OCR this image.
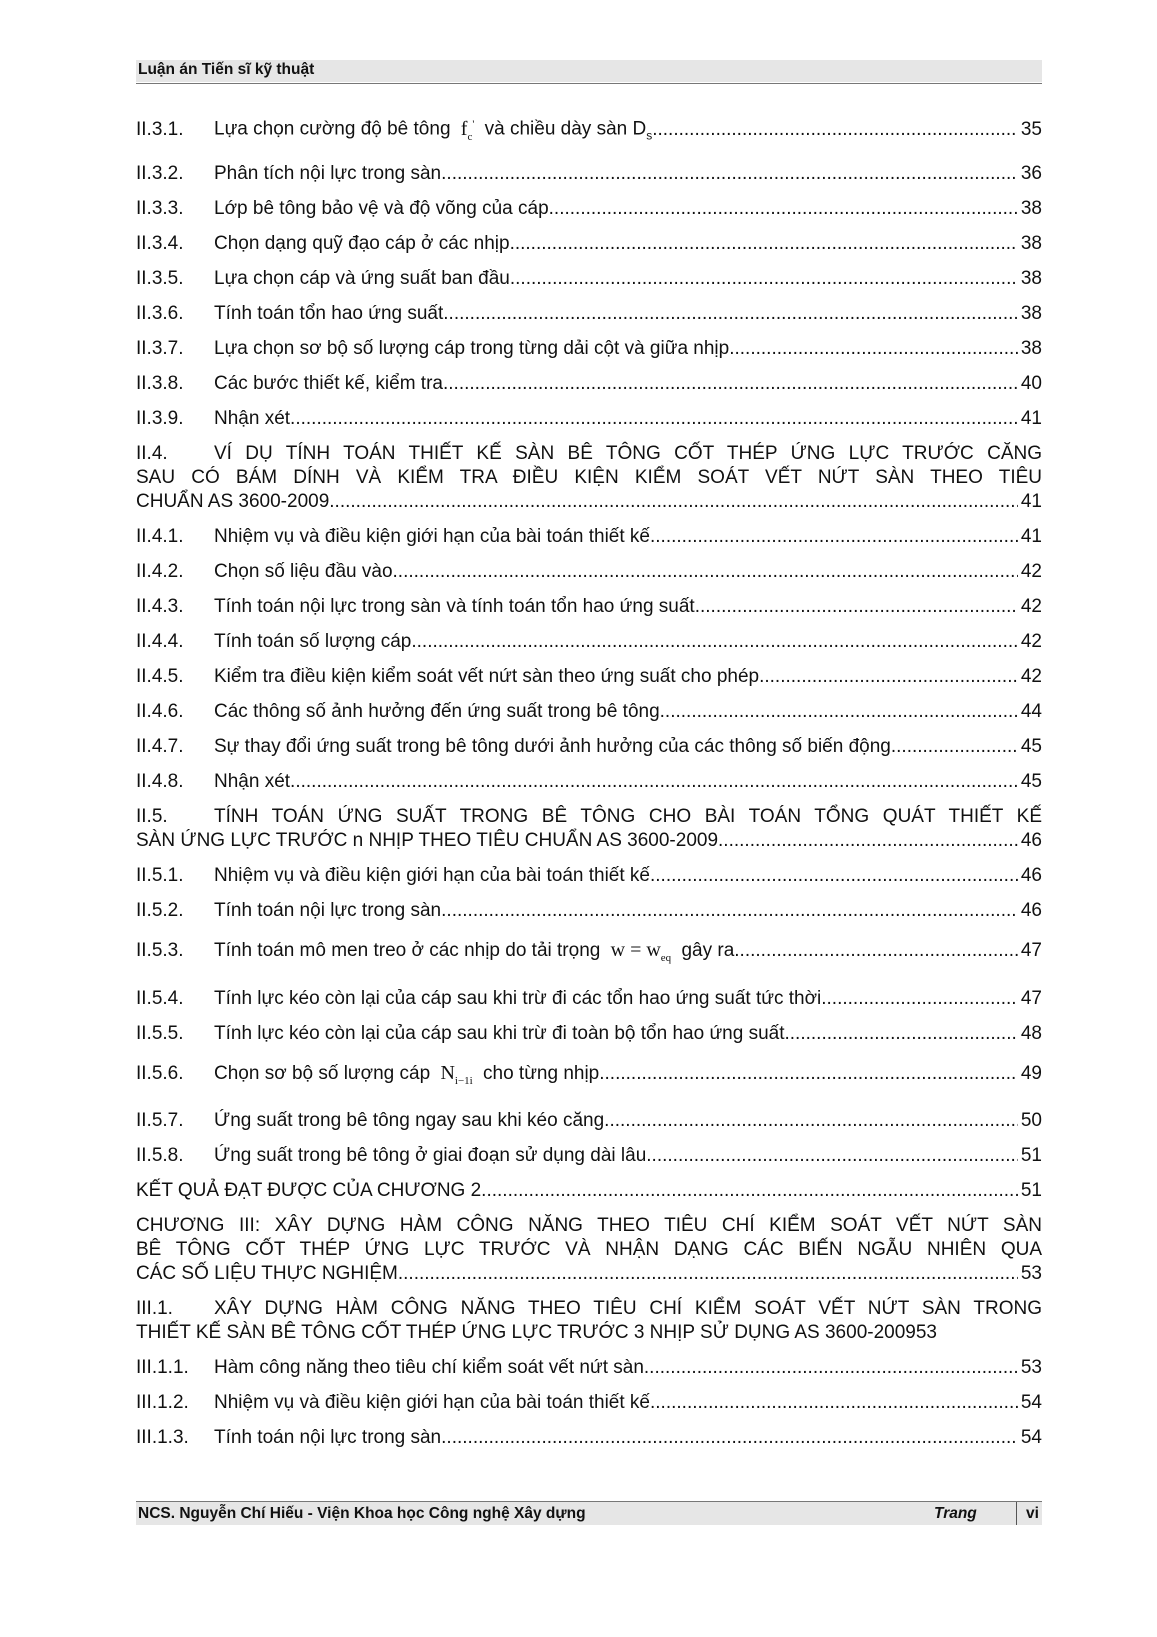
Luận án Tiến sĩ kỹ thuật
II.3.1.	Lựa chọn cường độ bê tông $f_c'$ và chiều dày sàn $D_s$ .....	35
II.3.2.	Phân tích nội lực trong sàn .....	36
II.3.3.	Lớp bê tông bảo vệ và độ võng của cáp .....	38
II.3.4.	Chọn dạng quỹ đạo cáp ở các nhịp .....	38
II.3.5.	Lựa chọn cáp và ứng suất ban đầu .....	38
II.3.6.	Tính toán tổn hao ứng suất .....	38
II.3.7.	Lựa chọn sơ bộ số lượng cáp trong từng dải cột và giữa nhịp .....	38
II.3.8.	Các bước thiết kế, kiểm tra .....	40
II.3.9.	Nhận xét .....	41
II.4. VÍ DỤ TÍNH TOÁN THIẾT KẾ SÀN BÊ TÔNG CỐT THÉP ỨNG LỰC TRƯỚC CĂNG
SAU CÓ BÁM DÍNH VÀ KIỂM TRA ĐIỀU KIỆN KIỂM SOÁT VẾT NỨT SÀN THEO TIÊU
CHUẨN AS 3600-2009 .....	41
II.4.1.	Nhiệm vụ và điều kiện giới hạn của bài toán thiết kế .....	41
II.4.2.	Chọn số liệu đầu vào .....	42
II.4.3.	Tính toán nội lực trong sàn và tính toán tổn hao ứng suất .....	42
II.4.4.	Tính toán số lượng cáp .....	42
II.4.5.	Kiểm tra điều kiện kiểm soát vết nứt sàn theo ứng suất cho phép .....	42
II.4.6.	Các thông số ảnh hưởng đến ứng suất trong bê tông .....	44
II.4.7.	Sự thay đổi ứng suất trong bê tông dưới ảnh hưởng của các thông số biến động .....	45
II.4.8.	Nhận xét .....	45
II.5. TÍNH TOÁN ỨNG SUẤT TRONG BÊ TÔNG CHO BÀI TOÁN TỔNG QUÁT THIẾT KẾ
SÀN ỨNG LỰC TRƯỚC n NHỊP THEO TIÊU CHUẨN AS 3600-2009 .....	46
II.5.1.	Nhiệm vụ và điều kiện giới hạn của bài toán thiết kế .....	46
II.5.2.	Tính toán nội lực trong sàn .....	46
II.5.3.	Tính toán mô men treo ở các nhịp do tải trọng $w = w_{eq}$ gây ra .....	47
II.5.4.	Tính lực kéo còn lại của cáp sau khi trừ đi các tổn hao ứng suất tức thời .....	47
II.5.5.	Tính lực kéo còn lại của cáp sau khi trừ đi toàn bộ tổn hao ứng suất .....	48
II.5.6.	Chọn sơ bộ số lượng cáp $N_{i-1i}$ cho từng nhịp .....	49
II.5.7.	Ứng suất trong bê tông ngay sau khi kéo căng .....	50
II.5.8.	Ứng suất trong bê tông ở giai đoạn sử dụng dài lâu .....	51
KẾT QUẢ ĐẠT ĐƯỢC CỦA CHƯƠNG 2 .....	51
CHƯƠNG III: XÂY DỰNG HÀM CÔNG NĂNG THEO TIÊU CHÍ KIỂM SOÁT VẾT NỨT SÀN
BÊ TÔNG CỐT THÉP ỨNG LỰC TRƯỚC VÀ NHẬN DẠNG CÁC BIẾN NGẪU NHIÊN QUA
CÁC SỐ LIỆU THỰC NGHIỆM .....	53
III.1. XÂY DỰNG HÀM CÔNG NĂNG THEO TIÊU CHÍ KIỂM SOÁT VẾT NỨT SÀN TRONG
THIẾT KẾ SÀN BÊ TÔNG CỐT THÉP ỨNG LỰC TRƯỚC 3 NHỊP SỬ DỤNG AS 3600-2009 53
III.1.1.	Hàm công năng theo tiêu chí kiểm soát vết nứt sàn .....	53
III.1.2.	Nhiệm vụ và điều kiện giới hạn của bài toán thiết kế .....	54
III.1.3.	Tính toán nội lực trong sàn .....	54
NCS. Nguyễn Chí Hiếu - Viện Khoa học Công nghệ Xây dựng	Trang	vi
